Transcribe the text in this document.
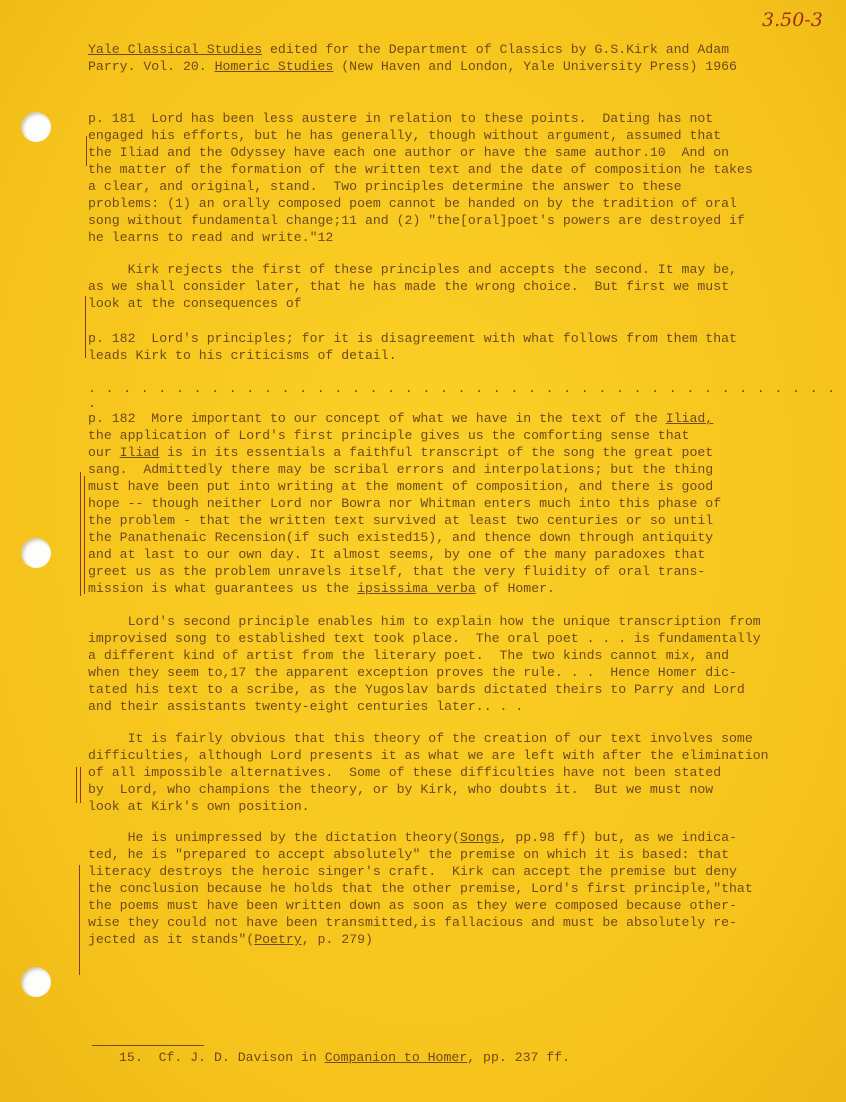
3.50-3
Yale Classical Studies edited for the Department of Classics by G.S.Kirk and Adam
Parry. Vol. 20. Homeric Studies (New Haven and London, Yale University Press) 1966
p. 181  Lord has been less austere in relation to these points.  Dating has not
engaged his efforts, but he has generally, though without argument, assumed that
the Iliad and the Odyssey have each one author or have the same author.10  And on
the matter of the formation of the written text and the date of composition he takes
a clear, and original, stand.  Two principles determine the answer to these
problems: (1) an orally composed poem cannot be handed on by the tradition of oral
song without fundamental change;11 and (2) "the[oral]poet's powers are destroyed if
he learns to read and write."12
Kirk rejects the first of these principles and accepts the second. It may be,
as we shall consider later, that he has made the wrong choice.  But first we must
look at the consequences of
p. 182  Lord's principles; for it is disagreement with what follows from them that
leads Kirk to his criticisms of detail.
. . . . . . . . . . . . . . . . . . . . . . . . . . . . . . . . . . . . . . . . . . . .
p. 182  More important to our concept of what we have in the text of the Iliad,
the application of Lord's first principle gives us the comforting sense that
our Iliad is in its essentials a faithful transcript of the song the great poet
sang.  Admittedly there may be scribal errors and interpolations; but the thing
must have been put into writing at the moment of composition, and there is good
hope -- though neither Lord nor Bowra nor Whitman enters much into this phase of
the problem - that the written text survived at least two centuries or so until
the Panathenaic Recension(if such existed15), and thence down through antiquity
and at last to our own day. It almost seems, by one of the many paradoxes that
greet us as the problem unravels itself, that the very fluidity of oral trans-
mission is what guarantees us the ipsissima verba of Homer.
Lord's second principle enables him to explain how the unique transcription from
improvised song to established text took place.  The oral poet . . . is fundamentally
a different kind of artist from the literary poet.  The two kinds cannot mix, and
when they seem to,17 the apparent exception proves the rule. . .  Hence Homer dic-
tated his text to a scribe, as the Yugoslav bards dictated theirs to Parry and Lord
and their assistants twenty-eight centuries later.. . .
It is fairly obvious that this theory of the creation of our text involves some
difficulties, although Lord presents it as what we are left with after the elimination
of all impossible alternatives.  Some of these difficulties have not been stated
by  Lord, who champions the theory, or by Kirk, who doubts it.  But we must now
look at Kirk's own position.
He is unimpressed by the dictation theory(Songs, pp.98 ff) but, as we indica-
ted, he is "prepared to accept absolutely" the premise on which it is based: that
literacy destroys the heroic singer's craft.  Kirk can accept the premise but deny
the conclusion because he holds that the other premise, Lord's first principle,"that
the poems must have been written down as soon as they were composed because other-
wise they could not have been transmitted,is fallacious and must be absolutely re-
jected as it stands"(Poetry, p. 279)
15.  Cf. J. D. Davison in Companion to Homer, pp. 237 ff.
